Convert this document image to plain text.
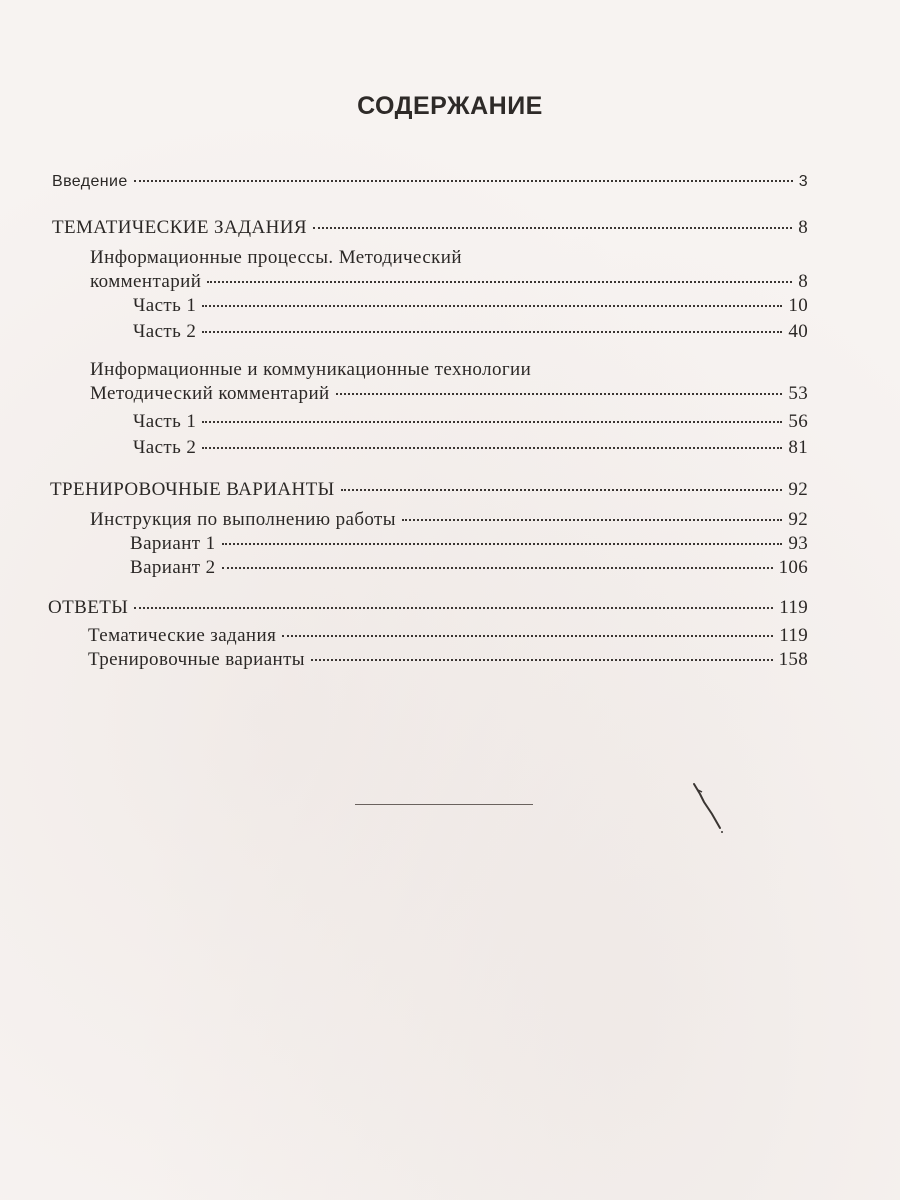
СОДЕРЖАНИЕ
Введение	3
ТЕМАТИЧЕСКИЕ ЗАДАНИЯ	8
Информационные процессы. Методический
комментарий	8
Часть 1	10
Часть 2	40
Информационные и коммуникационные технологии
Методический комментарий	53
Часть 1	56
Часть 2	81
ТРЕНИРОВОЧНЫЕ ВАРИАНТЫ	92
Инструкция по выполнению работы	92
Вариант 1	93
Вариант 2	106
ОТВЕТЫ	119
Тематические задания	119
Тренировочные варианты	158
